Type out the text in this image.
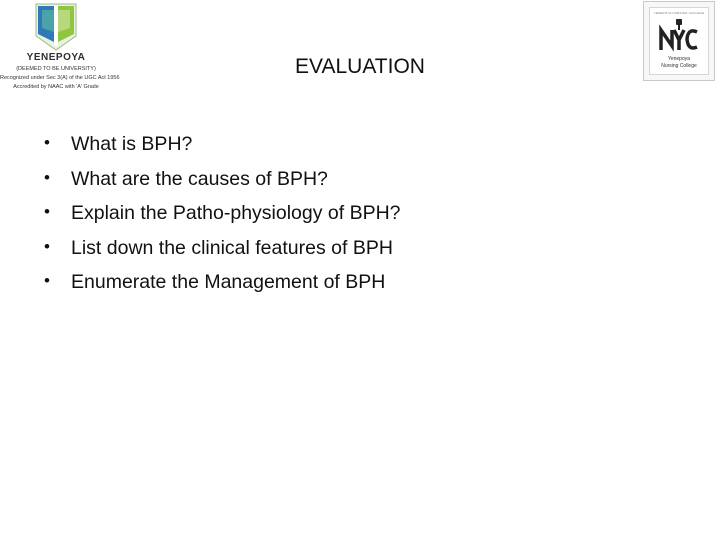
YENEPOYA
(DEEMED TO BE UNIVERSITY)
Recognized under Sec 3(A) of the UGC Act 1956
Accredited by NAAC with 'A' Grade
YENEPOYA NURSING COLLEGE
Yenepoya
Nursing College
EVALUATION
• What is BPH?
• What are the causes of BPH?
• Explain the Patho-physiology of BPH?
• List down the clinical features of BPH
• Enumerate the Management of BPH
